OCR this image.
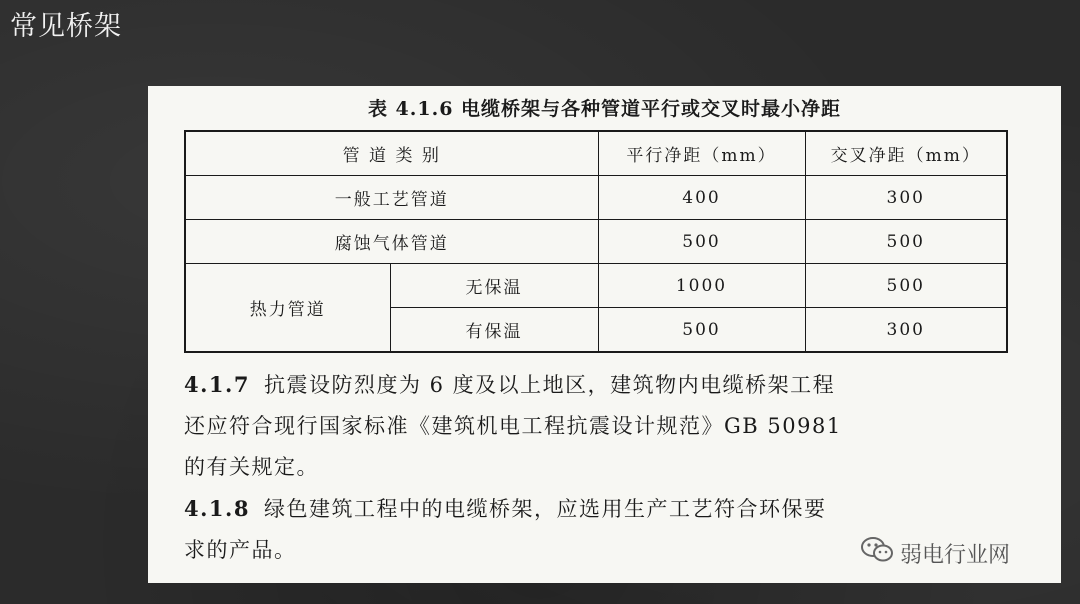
常见桥架
表 4.1.6 电缆桥架与各种管道平行或交叉时最小净距
管 道 类 别		平行净距（mm）	交叉净距（mm）
一般工艺管道		400	300
腐蚀气体管道		500	500
热力管道	无保温	1000	500
	有保温	500	300
4.1.7 抗震设防烈度为 6 度及以上地区，建筑物内电缆桥架工程
还应符合现行国家标准《建筑机电工程抗震设计规范》GB 50981
的有关规定。
4.1.8 绿色建筑工程中的电缆桥架，应选用生产工艺符合环保要
求的产品。	弱电行业网
